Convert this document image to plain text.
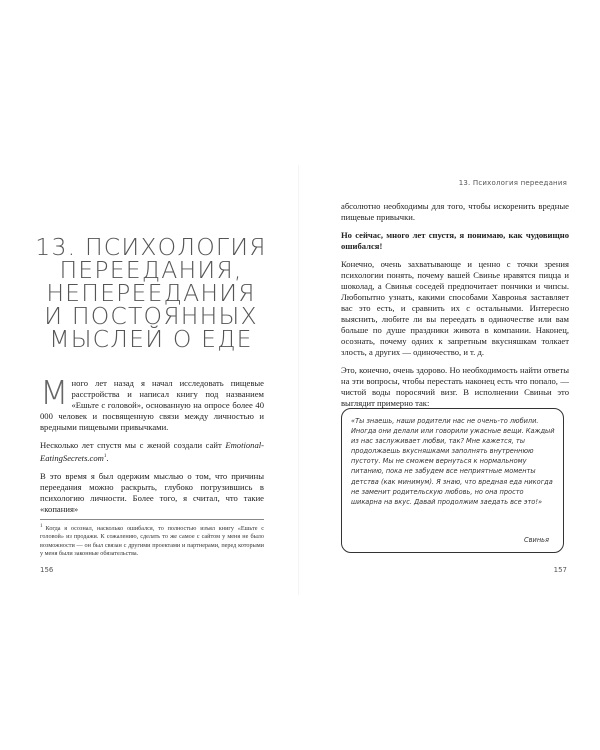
13. ПСИХОЛОГИЯ
ПЕРЕЕДАНИЯ,
НЕПЕРЕЕДАНИЯ
И ПОСТОЯННЫХ
МЫСЛЕЙ О ЕДЕ

Много лет назад я начал исследовать пищевые расстройства и написал книгу под названием «Ешьте с головой», основанную на опросе более 40 000 человек и посвященную связи между личностью и вредными пищевыми привычками.

Несколько лет спустя мы с женой создали сайт Emotional-EatingSecrets.com$^1$.

В это время я был одержим мыслью о том, что причины переедания можно раскрыть, глубоко погрузившись в психологию личности. Более того, я считал, что такие «копания»

$^1$ Когда я осознал, насколько ошибался, то полностью изъял книгу «Ешьте с головой» из продажи. К сожалению, сделать то же самое с сайтом у меня не было возможности — он был связан с другими проектами и партнерами, перед которыми у меня были законные обязательства.
156
13. Психология переедания

абсолютно необходимы для того, чтобы искоренить вредные пищевые привычки.

Но сейчас, много лет спустя, я понимаю, как чудовищно ошибался!

Конечно, очень захватывающе и ценно с точки зрения психологии понять, почему вашей Свинье нравятся пицца и шоколад, а Свинья соседей предпочитает пончики и чипсы. Любопытно узнать, какими способами Хавронья заставляет вас это есть, и сравнить их с остальными. Интересно выяснить, любите ли вы переедать в одиночестве или вам больше по душе праздники живота в компании. Наконец, осознать, почему одних к запретным вкусняшкам толкает злость, а других — одиночество, и т. д.

Это, конечно, очень здорово. Но необходимость найти ответы на эти вопросы, чтобы перестать наконец есть что попало, — чистой воды поросячий визг. В исполнении Свиньи это выглядит примерно так:

«Ты знаешь, наши родители нас не очень-то любили. Иногда они делали или говорили ужасные вещи. Каждый из нас заслуживает любви, так? Мне кажется, ты продолжаешь вкусняшками заполнять внутреннюю пустоту. Мы не сможем вернуться к нормальному питанию, пока не забудем все неприятные моменты детства (как минимум). Я знаю, что вредная еда никогда не заменит родительскую любовь, но она просто шикарна на вкус. Давай продолжим заедать все это!»
Свинья
157
